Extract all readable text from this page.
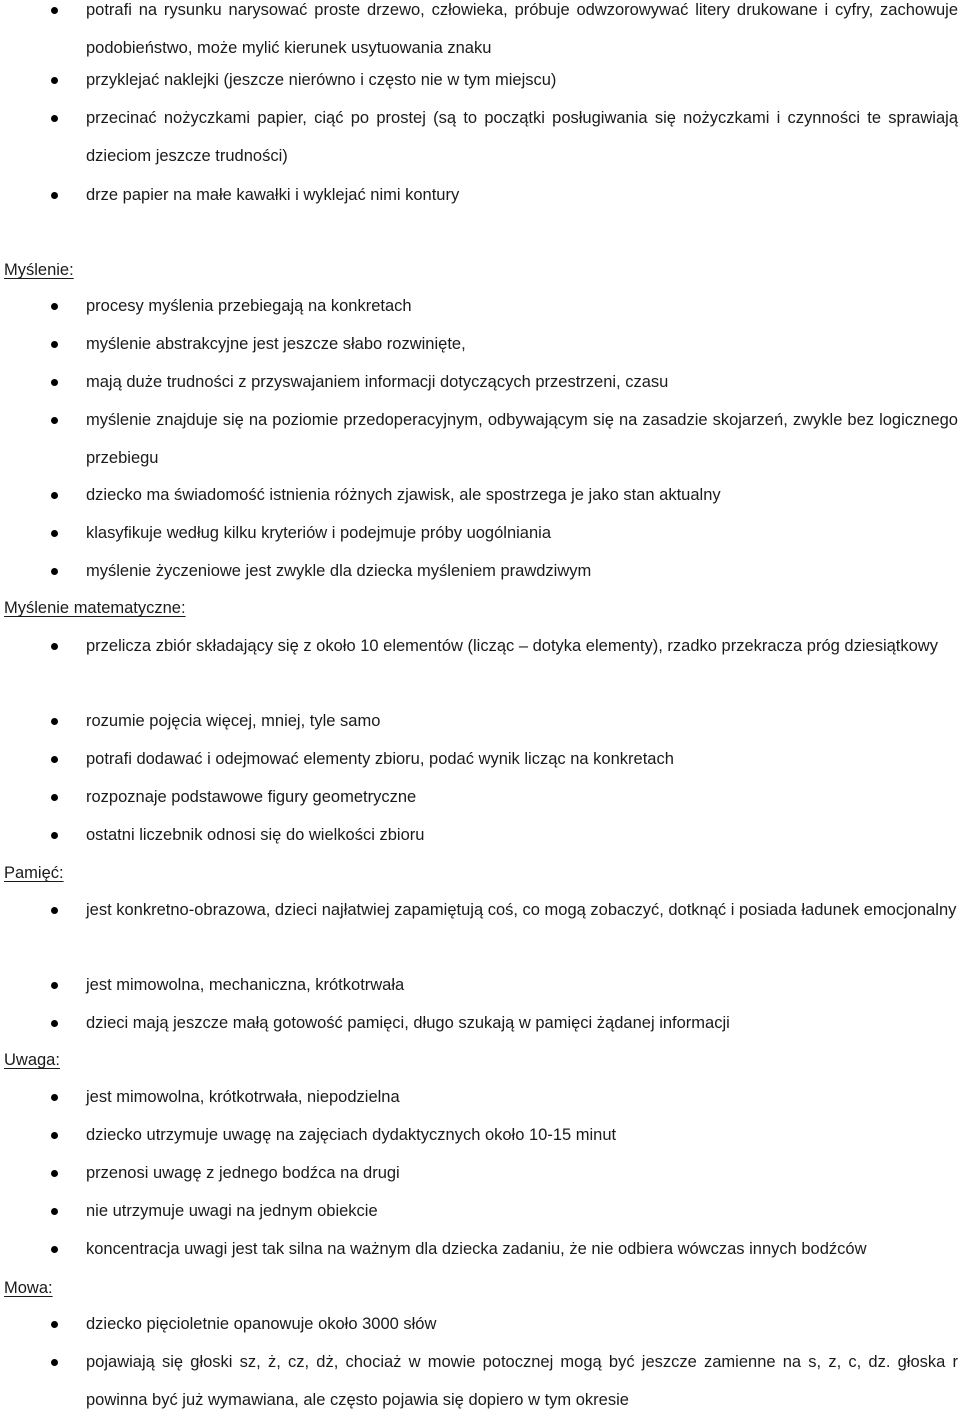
potrafi na rysunku narysować proste drzewo, człowieka, próbuje odwzorowywać litery drukowane i cyfry, zachowuje podobieństwo, może mylić kierunek usytuowania znaku

przyklejać naklejki (jeszcze nierówno i często nie w tym miejscu)

przecinać nożyczkami papier, ciąć po prostej (są to początki posługiwania się nożyczkami i czynności te sprawiają dzieciom jeszcze trudności)

drze papier na małe kawałki i wyklejać nimi kontury

Myślenie:

procesy myślenia przebiegają na konkretach

myślenie abstrakcyjne jest jeszcze słabo rozwinięte,

mają duże trudności z przyswajaniem informacji dotyczących przestrzeni, czasu

myślenie znajduje się na poziomie przedoperacyjnym, odbywającym się na zasadzie skojarzeń, zwykle bez logicznego przebiegu

dziecko ma świadomość istnienia różnych zjawisk, ale spostrzega je jako stan aktualny

klasyfikuje według kilku kryteriów i podejmuje próby uogólniania

myślenie życzeniowe jest zwykle dla dziecka myśleniem prawdziwym

Myślenie matematyczne:

przelicza zbiór składający się z około 10 elementów (licząc – dotyka elementy), rzadko przekracza próg dziesiątkowy

rozumie pojęcia więcej, mniej, tyle samo

potrafi dodawać i odejmować elementy zbioru, podać wynik licząc na konkretach

rozpoznaje podstawowe figury geometryczne

ostatni liczebnik odnosi się do wielkości zbioru

Pamięć:

jest konkretno-obrazowa, dzieci najłatwiej zapamiętują coś, co mogą zobaczyć, dotknąć i posiada ładunek emocjonalny

jest mimowolna, mechaniczna, krótkotrwała

dzieci mają jeszcze małą gotowość pamięci, długo szukają w pamięci żądanej informacji

Uwaga:

jest mimowolna, krótkotrwała, niepodzielna

dziecko utrzymuje uwagę na zajęciach dydaktycznych około 10-15 minut

przenosi uwagę z jednego bodźca na drugi

nie utrzymuje uwagi na jednym obiekcie

koncentracja uwagi jest tak silna na ważnym dla dziecka zadaniu, że nie odbiera wówczas innych bodźców

Mowa:

dziecko pięcioletnie opanowuje około 3000 słów

pojawiają się głoski sz, ż, cz, dż, chociaż w mowie potocznej mogą być jeszcze zamienne na s, z, c, dz. głoska r powinna być już wymawiana, ale często pojawia się dopiero w tym okresie
